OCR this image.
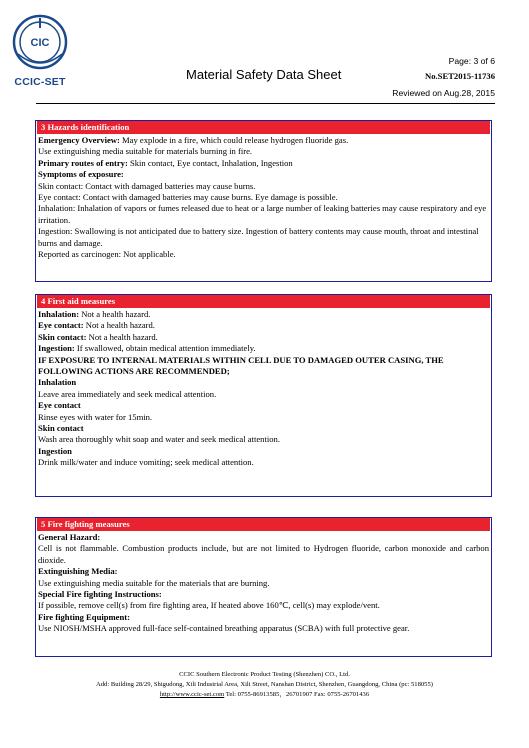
CIC
CCIC-SET	Material Safety Data Sheet
Page: 3 of 6
No.SET2015-11736
Reviewed on Aug.28, 2015
3 Hazards identification

Emergency Overview: May explode in a fire, which could release hydrogen fluoride gas.

Use extinguishing media suitable for materials burning in fire.

Primary routes of entry: Skin contact, Eye contact, Inhalation, Ingestion

Symptoms of exposure:

Skin contact: Contact with damaged batteries may cause burns.

Eye contact: Contact with damaged batteries may cause burns. Eye damage is possible.

Inhalation: Inhalation of vapors or fumes released due to heat or a large number of leaking batteries may cause respiratory and eye irritation.

Ingestion: Swallowing is not anticipated due to battery size. Ingestion of battery contents may cause mouth, throat and intestinal burns and damage.

Reported as carcinogen: Not applicable.

4 First aid measures

Inhalation: Not a health hazard.

Eye contact: Not a health hazard.

Skin contact: Not a health hazard.

Ingestion: If swallowed, obtain medical attention immediately.

IF EXPOSURE TO INTERNAL MATERIALS WITHIN CELL DUE TO DAMAGED OUTER CASING, THE FOLLOWING ACTIONS ARE RECOMMENDED;

Inhalation

Leave area immediately and seek medical attention.

Eye contact

Rinse eyes with water for 15min.

Skin contact

Wash area thoroughly whit soap and water and seek medical attention.

Ingestion

Drink milk/water and induce vomiting; seek medical attention.

5 Fire fighting measures

General Hazard:

Cell is not flammable. Combustion products include, but are not limited to Hydrogen fluoride, carbon monoxide and carbon dioxide.

Extinguishing Media:

Use extinguishing media suitable for the materials that are burning.

Special Fire fighting Instructions:

If possible, remove cell(s) from fire fighting area, If heated above 160℃, cell(s) may explode/vent.

Fire fighting Equipment:

Use NIOSH/MSHA approved full-face self-contained breathing apparatus (SCBA) with full protective gear.

CCIC Southern Electronic Product Testing (Shenzhen) CO., Ltd.
Add: Building 28/29, Shigudong, Xili Industrial Area, Xili Street, Nanshan District, Shenzhen, Guangdong, China (pc: 518055)
http://www.ccic-set.com Tel: 0755-86913585，26701907 Fax: 0755-26701436
